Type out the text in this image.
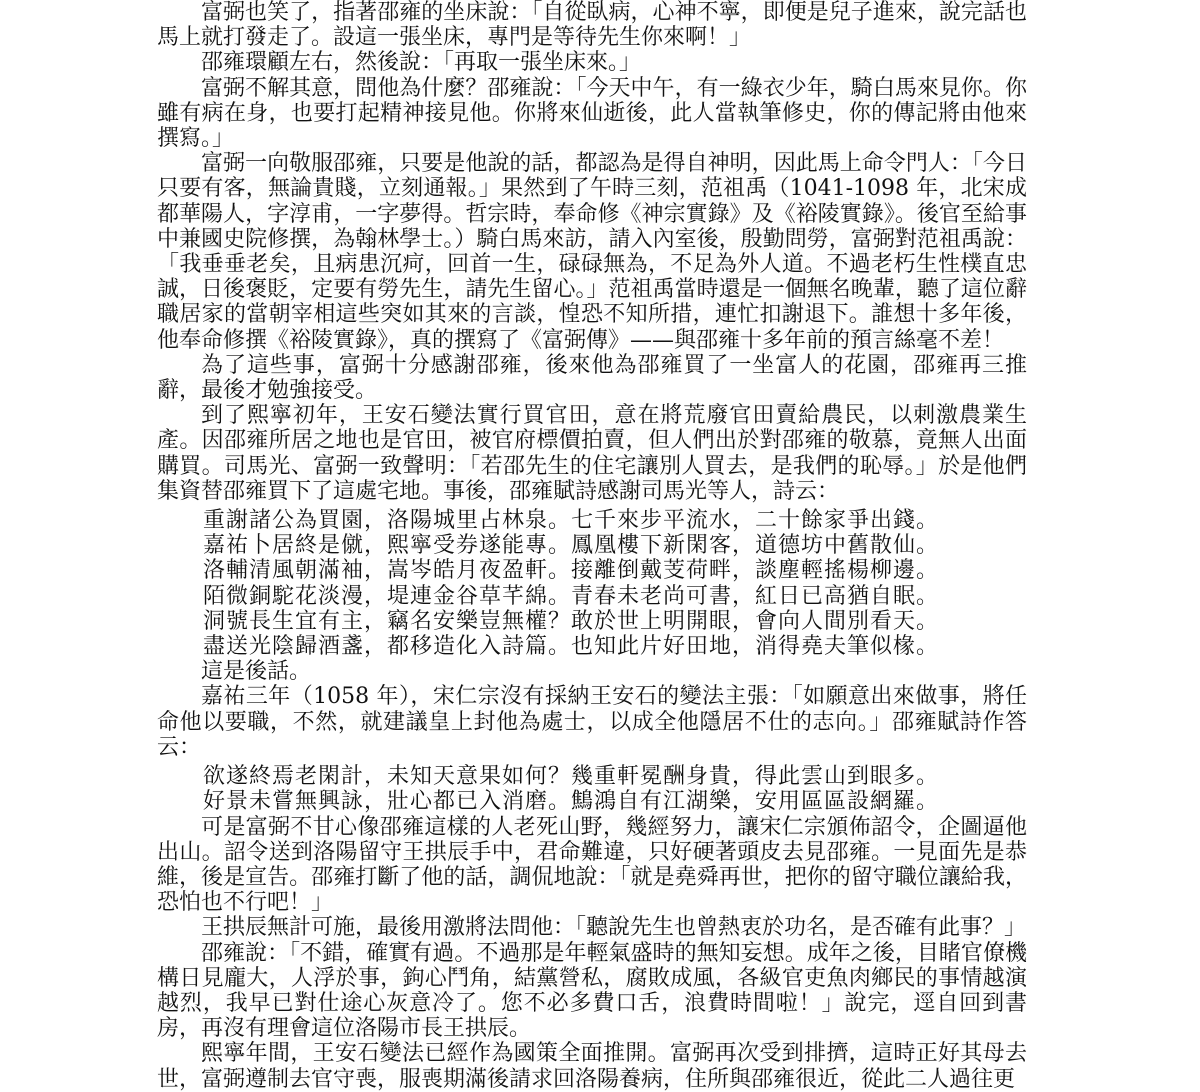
富弼也笑了，指著邵雍的坐床說：「自從臥病，心神不寧，即便是兒子進來，說完話也馬上就打發走了。設這一張坐床，專門是等待先生你來啊！」

邵雍環顧左右，然後說：「再取一張坐床來。」

富弼不解其意，問他為什麼？邵雍說：「今天中午，有一綠衣少年，騎白馬來見你。你雖有病在身，也要打起精神接見他。你將來仙逝後，此人當執筆修史，你的傳記將由他來撰寫。」

富弼一向敬服邵雍，只要是他說的話，都認為是得自神明，因此馬上命令門人：「今日只要有客，無論貴賤，立刻通報。」果然到了午時三刻，范祖禹（1041-1098 年，北宋成都華陽人，字淳甫，一字夢得。哲宗時，奉命修《神宗實錄》及《裕陵實錄》。後官至給事中兼國史院修撰，為翰林學士。）騎白馬來訪，請入內室後，殷勤問勞，富弼對范祖禹說：「我垂垂老矣，且病患沉疴，回首一生，碌碌無為，不足為外人道。不過老朽生性樸直忠誠，日後褒貶，定要有勞先生，請先生留心。」范祖禹當時還是一個無名晚輩，聽了這位辭職居家的當朝宰相這些突如其來的言談，惶恐不知所措，連忙扣謝退下。誰想十多年後，他奉命修撰《裕陵實錄》，真的撰寫了《富弼傳》——與邵雍十多年前的預言絲毫不差！

為了這些事，富弼十分感謝邵雍，後來他為邵雍買了一坐富人的花園，邵雍再三推辭，最後才勉強接受。

到了熙寧初年，王安石變法實行買官田，意在將荒廢官田賣給農民，以刺激農業生產。因邵雍所居之地也是官田，被官府標價拍賣，但人們出於對邵雍的敬慕，竟無人出面購買。司馬光、富弼一致聲明：「若邵先生的住宅讓別人買去，是我們的恥辱。」於是他們集資替邵雍買下了這處宅地。事後，邵雍賦詩感謝司馬光等人，詩云：

重謝諸公為買園，洛陽城里占林泉。七千來步平流水，二十餘家爭出錢。

嘉祐卜居終是僦，熙寧受券遂能專。鳳凰樓下新閑客，道德坊中舊散仙。

洛輔清風朝滿袖，嵩岑皓月夜盈軒。接離倒戴芰荷畔，談塵輕搖楊柳邊。

陌微銅駝花淡漫，堤連金谷草芊綿。青春未老尚可書，紅日已高猶自眠。

洞號長生宜有主，竊名安樂豈無權？敢於世上明開眼，會向人間別看天。

盡送光陰歸酒盞，都移造化入詩篇。也知此片好田地，消得堯夫筆似椽。

這是後話。

嘉祐三年（1058 年），宋仁宗沒有採納王安石的變法主張：「如願意出來做事，將任命他以要職，不然，就建議皇上封他為處士，以成全他隱居不仕的志向。」邵雍賦詩作答云：

欲遂終焉老閑計，未知天意果如何？幾重軒冕酬身貴，得此雲山到眼多。

好景未嘗無興詠，壯心都已入消磨。鷦鴻自有江湖樂，安用區區設網羅。

可是富弼不甘心像邵雍這樣的人老死山野，幾經努力，讓宋仁宗頒佈詔令，企圖逼他出山。詔令送到洛陽留守王拱辰手中，君命難違，只好硬著頭皮去見邵雍。一見面先是恭維，後是宣告。邵雍打斷了他的話，調侃地說：「就是堯舜再世，把你的留守職位讓給我，恐怕也不行吧！」

王拱辰無計可施，最後用激將法問他：「聽說先生也曾熱衷於功名，是否確有此事？」

邵雍說：「不錯，確實有過。不過那是年輕氣盛時的無知妄想。成年之後，目睹官僚機構日見龐大，人浮於事，鉤心鬥角，結黨營私，腐敗成風，各級官吏魚肉鄉民的事情越演越烈，我早已對仕途心灰意冷了。您不必多費口舌，浪費時間啦！」說完，逕自回到書房，再沒有理會這位洛陽市長王拱辰。

熙寧年間，王安石變法已經作為國策全面推開。富弼再次受到排擠，這時正好其母去世，富弼遵制去官守喪，服喪期滿後請求回洛陽養病，住所與邵雍很近，從此二人過往更
